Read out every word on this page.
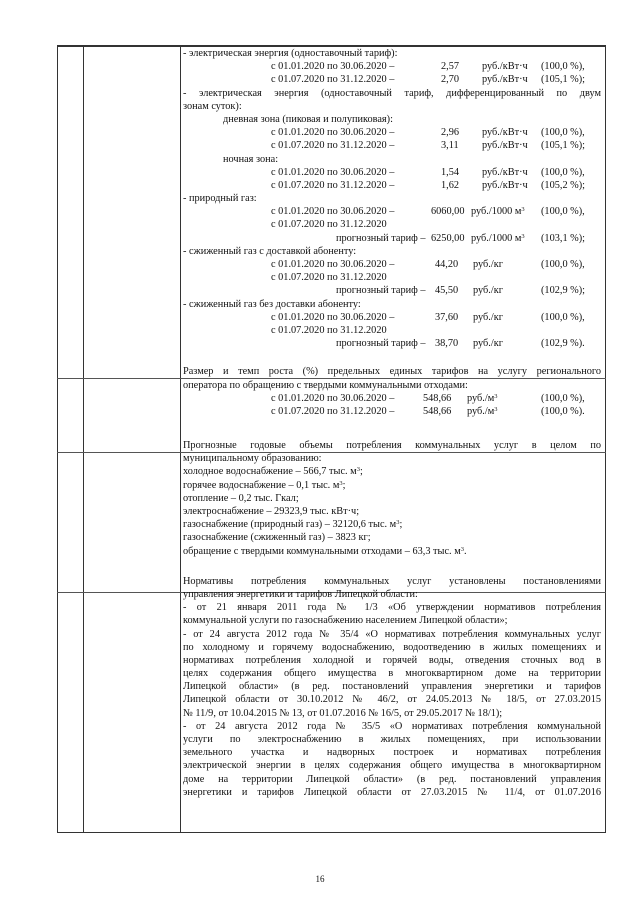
- электрическая энергия (одноставочный тариф):
с 01.01.2020 по 30.06.2020 –	2,57 руб./кВт·ч (100,0 %),
с 01.07.2020 по 31.12.2020 –	2,70 руб./кВт·ч (105,1 %);
- электрическая энергия (одноставочный тариф, дифференцированный по двум
зонам суток):
дневная зона (пиковая и полупиковая):
с 01.01.2020 по 30.06.2020 –	2,96 руб./кВт·ч (100,0 %),
с 01.07.2020 по 31.12.2020 –	3,11 руб./кВт·ч (105,1 %);
ночная зона:
с 01.01.2020 по 30.06.2020 –	1,54 руб./кВт·ч (100,0 %),
с 01.07.2020 по 31.12.2020 –	1,62 руб./кВт·ч (105,2 %);
- природный газ:
с 01.01.2020 по 30.06.2020 –	6060,00 руб./1000 $м^3$ (100,0 %),
с 01.07.2020 по 31.12.2020
прогнозный тариф – 6250,00 руб./1000 $м^3$ (103,1 %);
- сжиженный газ с доставкой абоненту:
с 01.01.2020 по 30.06.2020 –	44,20 руб./кг	(100,0 %),
с 01.07.2020 по 31.12.2020
прогнозный тариф – 45,50 руб./кг	(102,9 %);
- сжиженный газ без доставки абоненту:
с 01.01.2020 по 30.06.2020 –	37,60 руб./кг	(100,0 %),
с 01.07.2020 по 31.12.2020
прогнозный тариф – 38,70 руб./кг	(102,9 %).
Размер и темп роста (%) предельных единых тарифов на услугу регионального
оператора по обращению с твердыми коммунальными отходами:
с 01.01.2020 по 30.06.2020 –	548,66 $руб./м^3$	(100,0 %),
с 01.07.2020 по 31.12.2020 –	548,66 $руб./м^3$	(100,0 %).
Прогнозные годовые объемы потребления коммунальных услуг в целом по
муниципальному образованию:
холодное водоснабжение – 566,7 тыс. $м^3$;
горячее водоснабжение – 0,1 тыс. $м^3$;
отопление – 0,2 тыс. Гкал;
электроснабжение – 29323,9 тыс. кВт·ч;
газоснабжение (природный газ) – 32120,6 тыс. $м^3$;
газоснабжение (сжиженный газ) – 3823 кг;
обращение с твердыми коммунальными отходами – 63,3 тыс. $м^3$.
Нормативы потребления коммунальных услуг установлены постановлениями
управления энергетики и тарифов Липецкой области:
- от 21 января 2011 года № 1/3 «Об утверждении нормативов потребления
коммунальной услуги по газоснабжению населением Липецкой области»;
- от 24 августа 2012 года № 35/4 «О нормативах потребления коммунальных услуг
по холодному и горячему водоснабжению, водоотведению в жилых помещениях и
нормативах потребления холодной и горячей воды, отведения сточных вод в
целях содержания общего имущества в многоквартирном доме на территории
Липецкой области» (в ред. постановлений управления энергетики и тарифов
Липецкой области от 30.10.2012 № 46/2, от 24.05.2013 № 18/5, от 27.03.2015
№ 11/9, от 10.04.2015 № 13, от 01.07.2016 № 16/5, от 29.05.2017 № 18/1);
- от 24 августа 2012 года № 35/5 «О нормативах потребления коммунальной
услуги по электроснабжению в жилых помещениях, при использовании
земельного участка и надворных построек и нормативах потребления
электрической энергии в целях содержания общего имущества в многоквартирном
доме на территории Липецкой области» (в ред. постановлений управления
энергетики и тарифов Липецкой области от 27.03.2015 № 11/4, от 01.07.2016
16
